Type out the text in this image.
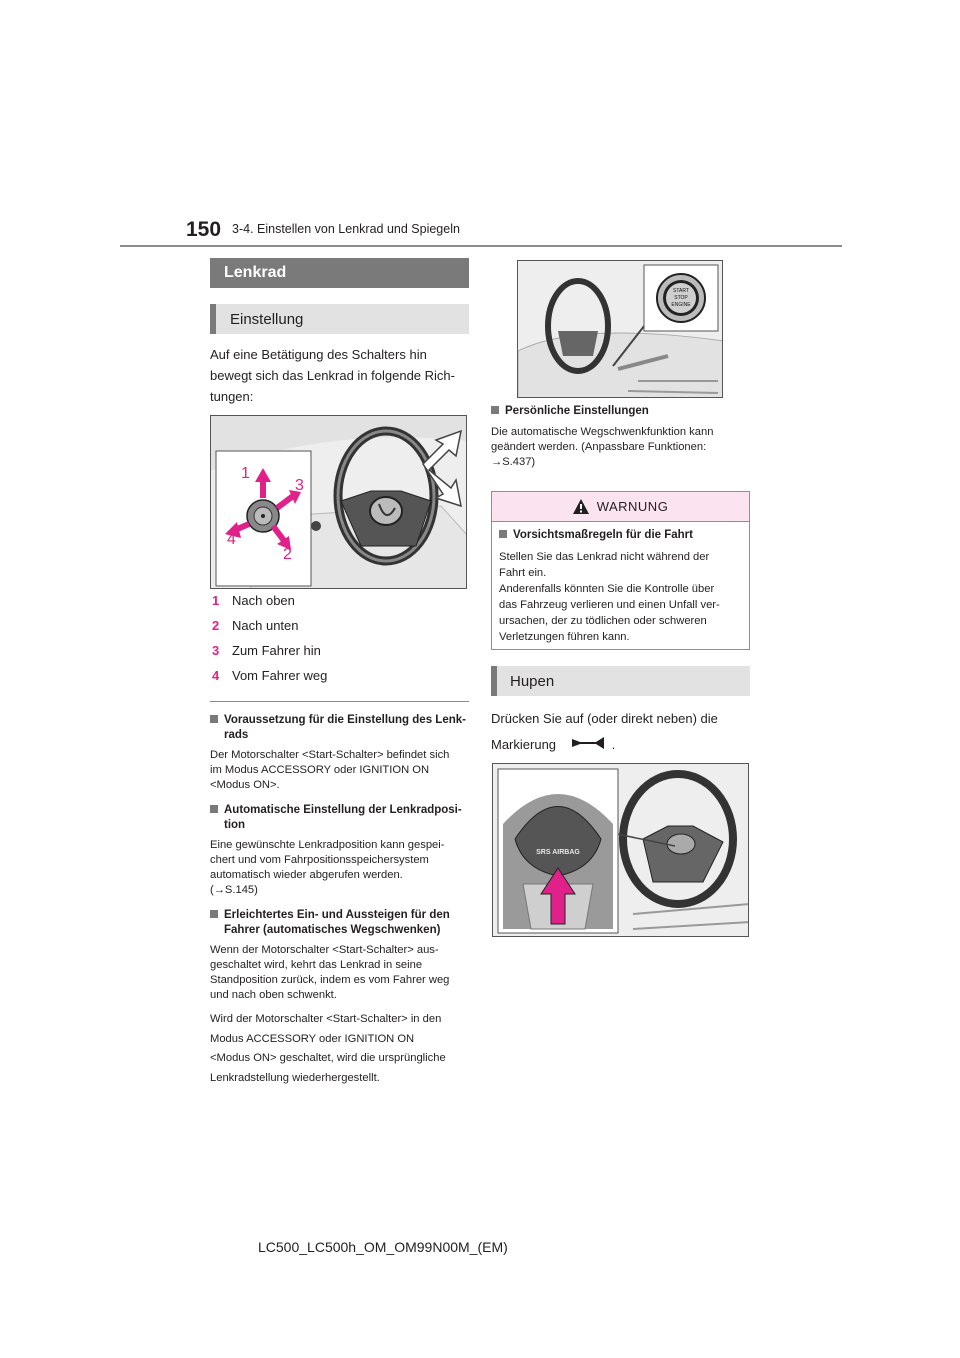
150 3-4. Einstellen von Lenkrad und Spiegeln
Lenkrad
Einstellung
Auf eine Betätigung des Schalters hin
bewegt sich das Lenkrad in folgende Rich-
tungen:
1
2
3
4
1 Nach oben
2 Nach unten
3 Zum Fahrer hin
4 Vom Fahrer weg
Voraussetzung für die Einstellung des Lenk-
rads
Der Motorschalter <Start-Schalter> befindet sich
im Modus ACCESSORY oder IGNITION ON
<Modus ON>.
Automatische Einstellung der Lenkradposi-
tion
Eine gewünschte Lenkradposition kann gespei-
chert und vom Fahrpositionsspeichersystem
automatisch wieder abgerufen werden.
(→S.145)
Erleichtertes Ein- und Aussteigen für den
Fahrer (automatisches Wegschwenken)
Wenn der Motorschalter <Start-Schalter> aus-
geschaltet wird, kehrt das Lenkrad in seine
Standposition zurück, indem es vom Fahrer weg
und nach oben schwenkt.
Wird der Motorschalter <Start-Schalter> in den
Modus ACCESSORY oder IGNITION ON
<Modus ON> geschaltet, wird die ursprüngliche
Lenkradstellung wiederhergestellt.
START
STOP
ENGINE
Persönliche Einstellungen
Die automatische Wegschwenkfunktion kann
geändert werden. (Anpassbare Funktionen:
→S.437)
WARNUNG
Vorsichtsmaßregeln für die Fahrt
Stellen Sie das Lenkrad nicht während der
Fahrt ein.
Anderenfalls könnten Sie die Kontrolle über
das Fahrzeug verlieren und einen Unfall ver-
ursachen, der zu tödlichen oder schweren
Verletzungen führen kann.
Hupen
Drücken Sie auf (oder direkt neben) die
Markierung	.
SRS AIRBAG
LC500_LC500h_OM_OM99N00M_(EM)
